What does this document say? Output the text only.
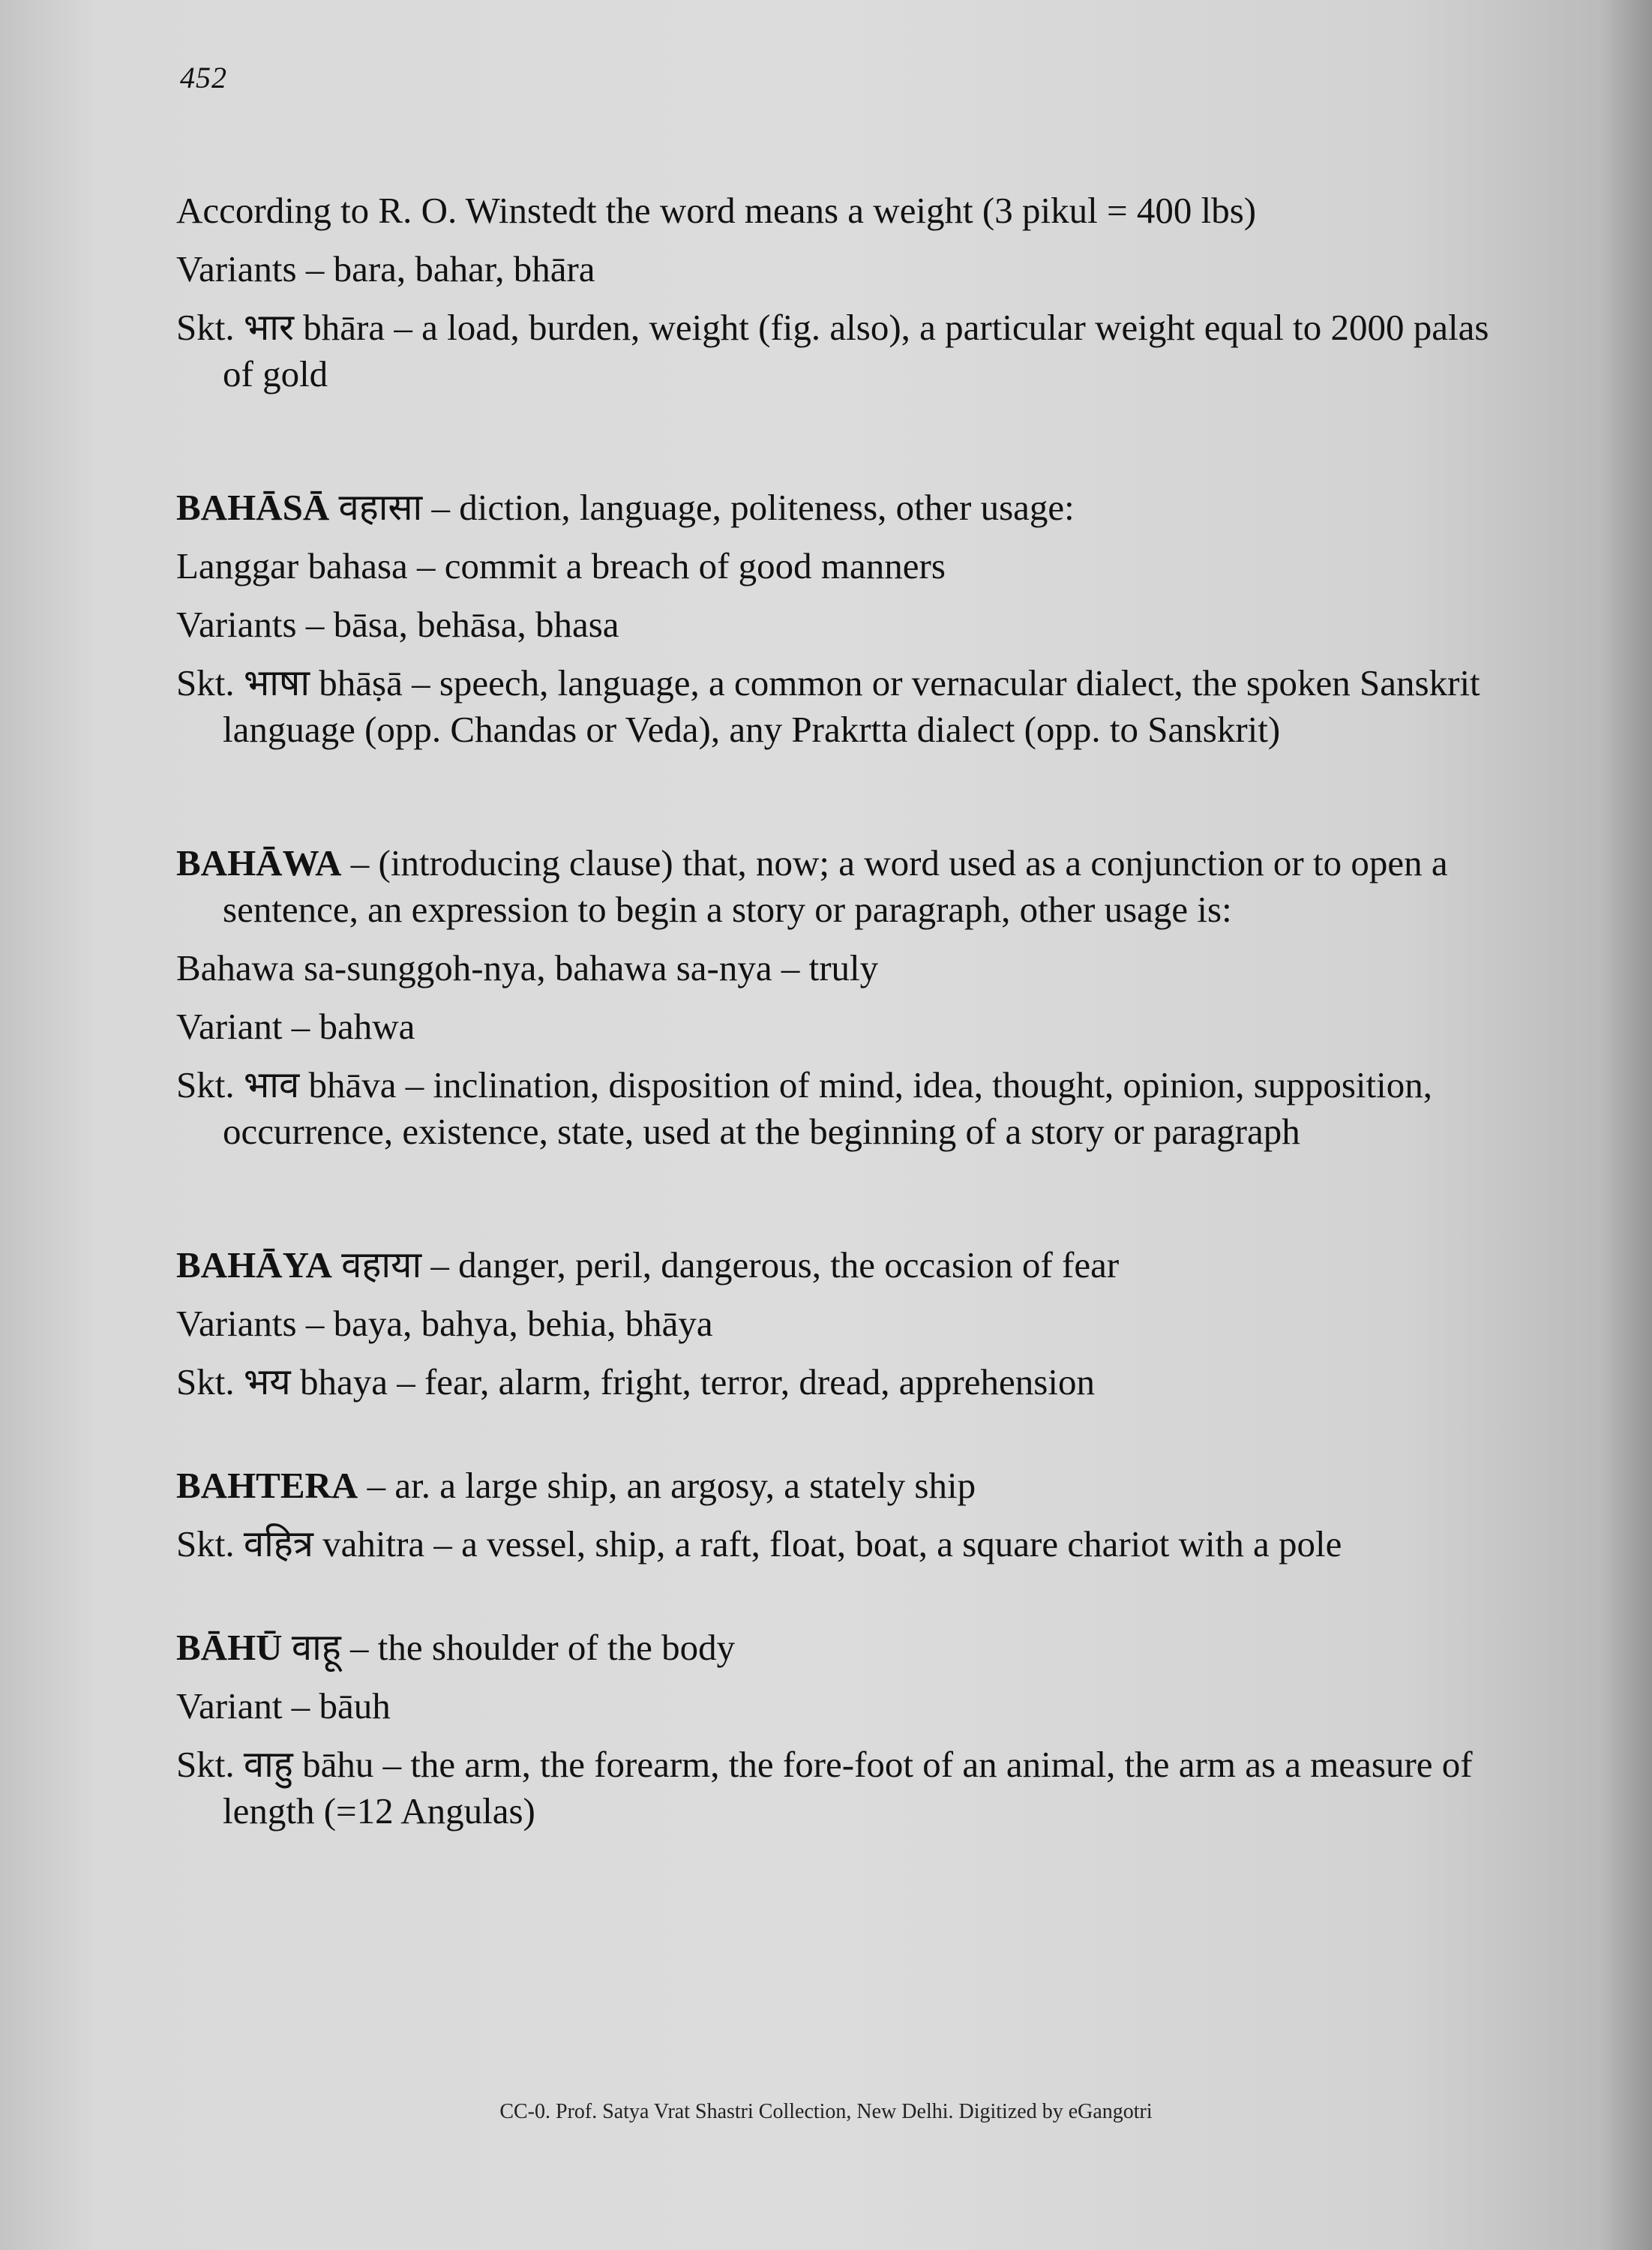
452

According to R. O. Winstedt the word means a weight (3 pikul = 400 lbs)

Variants – bara, bahar, bhāra

Skt. भार bhāra – a load, burden, weight (fig. also), a particular weight equal to 2000 palas of gold

BAHĀSĀ वहासा – diction, language, politeness, other usage:

Langgar bahasa – commit a breach of good manners

Variants – bāsa, behāsa, bhasa

Skt. भाषा bhāṣā – speech, language, a common or vernacular dialect, the spoken Sanskrit language (opp. Chandas or Veda), any Prakrtta dialect (opp. to Sanskrit)

BAHĀWA – (introducing clause) that, now; a word used as a conjunction or to open a sentence, an expression to begin a story or paragraph, other usage is:

Bahawa sa-sunggoh-nya, bahawa sa-nya – truly

Variant – bahwa

Skt. भाव bhāva – inclination, disposition of mind, idea, thought, opinion, supposition, occurrence, existence, state, used at the beginning of a story or paragraph

BAHĀYA वहाया – danger, peril, dangerous, the occasion of fear

Variants – baya, bahya, behia, bhāya

Skt. भय bhaya – fear, alarm, fright, terror, dread, apprehension

BAHTERA – ar. a large ship, an argosy, a stately ship

Skt. वहित्र vahitra – a vessel, ship, a raft, float, boat, a square chariot with a pole

BĀHŪ वाहू – the shoulder of the body

Variant – bāuh

Skt. वाहु bāhu – the arm, the forearm, the fore-foot of an animal, the arm as a measure of length (=12 Angulas)

CC-0. Prof. Satya Vrat Shastri Collection, New Delhi. Digitized by eGangotri
